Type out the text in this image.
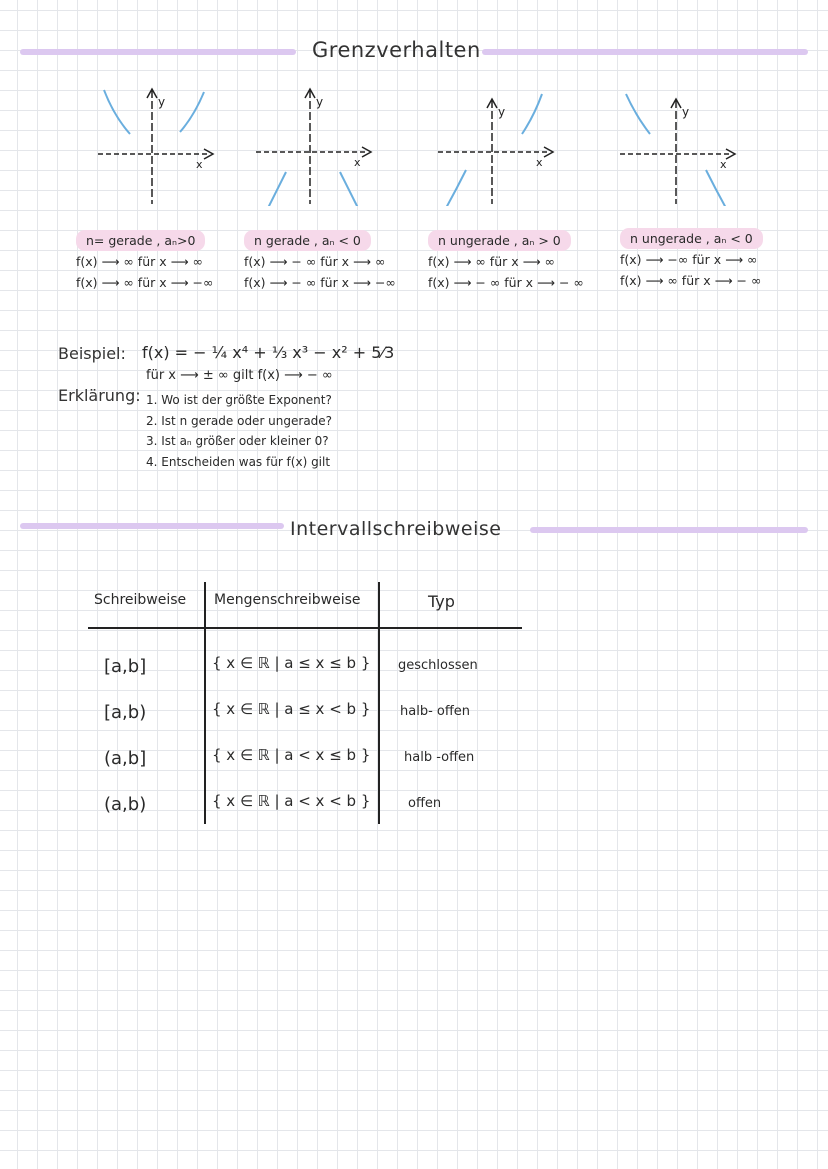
Grenzverhalten
y
x
y
x
y
x
y
x
n= gerade , aₙ>0
f(x) ⟶ ∞ für x ⟶ ∞
f(x) ⟶ ∞ für x ⟶ −∞
n gerade , aₙ < 0
f(x) ⟶ − ∞ für x ⟶ ∞
f(x) ⟶ − ∞ für x ⟶ −∞
n ungerade , aₙ > 0
f(x) ⟶ ∞ für x ⟶ ∞
f(x) ⟶ − ∞ für x ⟶ − ∞
n ungerade , aₙ < 0
f(x) ⟶ −∞ für x ⟶ ∞
f(x) ⟶ ∞ für x ⟶ − ∞
Beispiel: f(x) = − ¼ x⁴ + ⅓ x³ − x² + 5⁄3
für x ⟶ ± ∞ gilt f(x) ⟶ − ∞
Erklärung: 1. Wo ist der größte Exponent?
2. Ist n gerade oder ungerade?
3. Ist aₙ größer oder kleiner 0?
4. Entscheiden was für f(x) gilt
Intervallschreibweise
Schreibweise Mengenschreibweise	Typ
[a,b]	{ x ∈ ℝ | a ≤ x ≤ b } geschlossen
[a,b)	{ x ∈ ℝ | a ≤ x < b } halb- offen
(a,b]	{ x ∈ ℝ | a < x ≤ b }	halb -offen
(a,b)	{ x ∈ ℝ | a < x < b }	offen
